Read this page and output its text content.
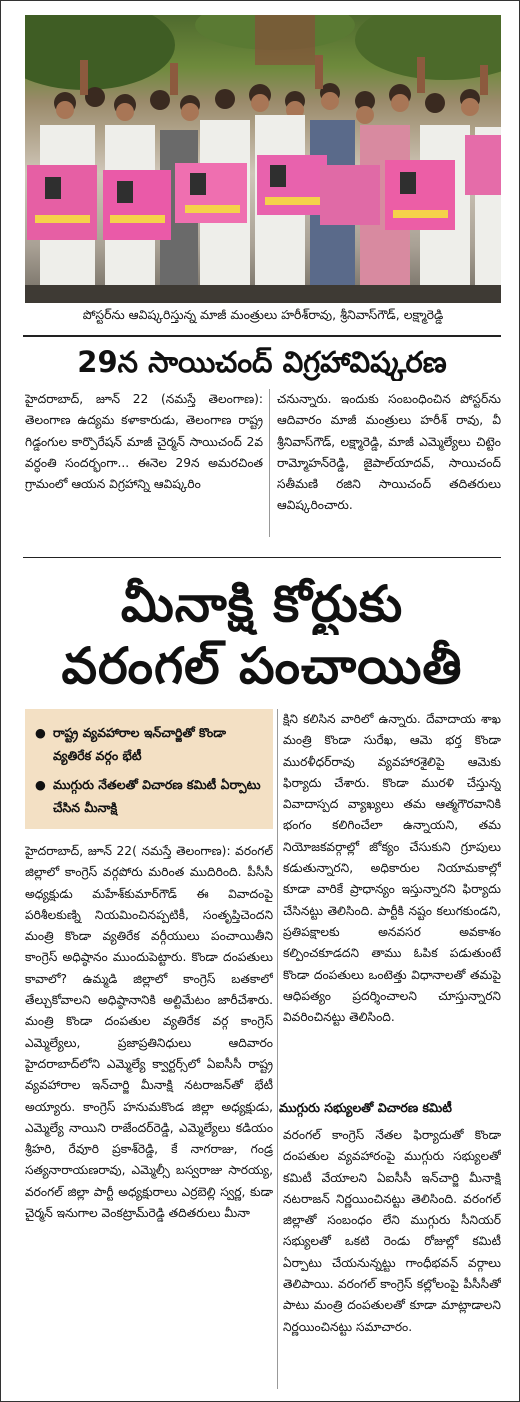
పోస్టర్‌ను ఆవిష్కరిస్తున్న మాజీ మంత్రులు హరీశ్‌రావు, శ్రీనివాస్‌గౌడ్, లక్ష్మారెడ్డి
29న సాయిచంద్ విగ్రహావిష్కరణ

హైదరాబాద్, జూన్ 22 (నమస్తే తెలంగాణ): తెలంగాణ ఉద్యమ కళాకారుడు, తెలంగాణ రాష్ట్ర గిడ్డంగుల కార్పొరేషన్ మాజీ చైర్మన్ సాయిచంద్ 2వ వర్ధంతి సందర్భంగా... ఈనెల 29న అమరచింత గ్రామంలో ఆయన విగ్రహాన్ని ఆవిష్కరిం

చనున్నారు. ఇందుకు సంబంధించిన పోస్టర్‌ను ఆదివారం మాజీ మంత్రులు హరీశ్ రావు, వీ శ్రీనివాస్‌గౌడ్, లక్ష్మారెడ్డి, మాజీ ఎమ్మెల్యేలు చిట్టెం రామ్మోహన్‌రెడ్డి, జైపాల్‌యాదవ్, సాయిచంద్ సతీమణి రజిని సాయిచంద్ తదితరులు ఆవిష్కరించారు.

మీనాక్షి కోర్టుకు
వరంగల్ పంచాయితీ
● రాష్ట్ర వ్యవహారాల ఇన్‌చార్జితో కొండా వ్యతిరేక వర్గం భేటీ
● ముగ్గురు నేతలతో విచారణ కమిటీ ఏర్పాటు చేసిన మీనాక్షి

హైదరాబాద్, జూన్ 22( నమస్తే తెలంగాణ): వరంగల్ జిల్లాలో కాంగ్రెస్ వర్గపోరు మరింత ముదిరింది. పీసీసీ అధ్యక్షుడు మహేశ్‌కుమార్‌గౌడ్ ఈ వివాదంపై పరిశీలకుణ్ని నియమించినప్పటికీ, సంతృప్తిచెందని మంత్రి కొండా వ్యతిరేక వర్గీయులు పంచాయితీని కాంగ్రెస్ అధిష్ఠానం ముందుపెట్టారు. కొండా దంపతులు కావాలో? ఉమ్మడి జిల్లాలో కాంగ్రెస్ బతకాలో తేల్చుకోవాలని అధిష్ఠానానికి అల్టిమేటం జారీచేశారు. మంత్రి కొండా దంపతుల వ్యతిరేక వర్గ కాంగ్రెస్ ఎమ్మెల్యేలు, ప్రజాప్రతినిధులు ఆదివారం హైదరాబాద్‌లోని ఎమ్మెల్యే క్వార్టర్స్‌లో ఏఐసీసీ రాష్ట్ర వ్యవహారాల ఇన్‌చార్జి మీనాక్షి నటరాజన్‌తో భేటీ అయ్యారు. కాంగ్రెస్ హనుమకొండ జిల్లా అధ్యక్షుడు, ఎమ్మెల్యే నాయిని రాజేందర్‌రెడ్డి, ఎమ్మెల్యేలు కడియం శ్రీహరి, రేవూరి ప్రకాశ్‌రెడ్డి, కే నాగరాజు, గండ్ర సత్యనారాయణరావు, ఎమ్మెల్సీ బస్వరాజు సారయ్య, వరంగల్ జిల్లా పార్టీ అధ్యక్షురాలు ఎర్రబెల్లి స్వర్ణ, కుడా చైర్మన్ ఇనుగాల వెంకట్రామ్‌రెడ్డి తదితరులు మీనా

క్షిని కలిసిన వారిలో ఉన్నారు. దేవాదాయ శాఖ మంత్రి కొండా సురేఖ, ఆమె భర్త కొండా మురళీధర్‌రావు వ్యవహారశైలిపై ఆమెకు ఫిర్యాదు చేశారు. కొండా మురళి చేస్తున్న వివాదాస్పద వ్యాఖ్యలు తమ ఆత్మగౌరవానికి భంగం కలిగించేలా ఉన్నాయని, తమ నియోజకవర్గాల్లో జోక్యం చేసుకుని గ్రూపులు కడుతున్నారని, అధికారుల నియామకాల్లో కూడా వారికే ప్రాధాన్యం ఇస్తున్నారని ఫిర్యాదు చేసినట్టు తెలిసింది. పార్టీకి నష్టం కలుగకుండని, ప్రతిపక్షాలకు అనవసర అవకాశం కల్పించకూడదని తాము ఓపిక పడుతుంటే కొండా దంపతులు ఒంటెత్తు విధానాలతో తమపై ఆధిపత్యం ప్రదర్శించాలని చూస్తున్నారని వివరించినట్టు తెలిసింది.

ముగ్గురు సభ్యులతో విచారణ కమిటీ

వరంగల్ కాంగ్రెస్ నేతల ఫిర్యాదుతో కొండా దంపతుల వ్యవహారంపై ముగ్గురు సభ్యులతో కమిటీ వేయాలని ఏఐసీసీ ఇన్‌చార్జి మీనాక్షి నటరాజన్ నిర్ణయించినట్టు తెలిసింది. వరంగల్ జిల్లాతో సంబంధం లేని ముగ్గురు సీనియర్ సభ్యులతో ఒకటి రెండు రోజుల్లో కమిటీ ఏర్పాటు చేయనున్నట్టు గాంధీభవన్ వర్గాలు తెలిపాయి. వరంగల్ కాంగ్రెస్ కల్లోలంపై పీసీసీతో పాటు మంత్రి దంపతులతో కూడా మాట్లాడాలని నిర్ణయించినట్టు సమాచారం.
